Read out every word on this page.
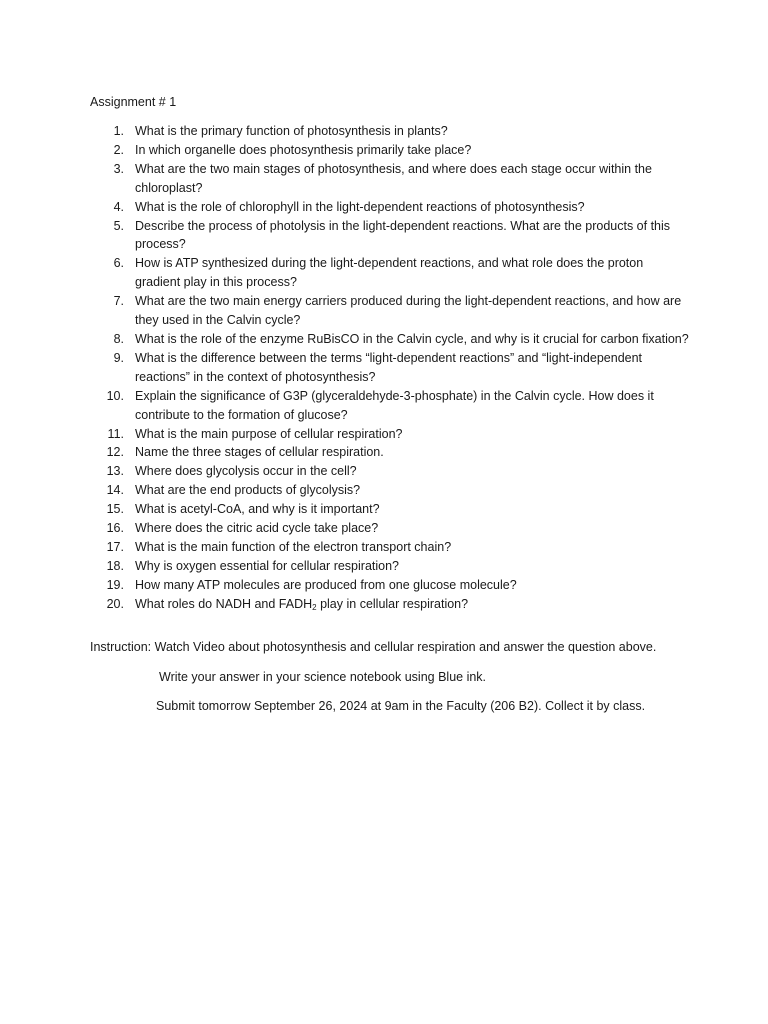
Assignment # 1

1. What is the primary function of photosynthesis in plants?
2. In which organelle does photosynthesis primarily take place?
3. What are the two main stages of photosynthesis, and where does each stage occur within the chloroplast?
4. What is the role of chlorophyll in the light-dependent reactions of photosynthesis?
5. Describe the process of photolysis in the light-dependent reactions. What are the products of this process?
6. How is ATP synthesized during the light-dependent reactions, and what role does the proton gradient play in this process?
7. What are the two main energy carriers produced during the light-dependent reactions, and how are they used in the Calvin cycle?
8. What is the role of the enzyme RuBisCO in the Calvin cycle, and why is it crucial for carbon fixation?
9. What is the difference between the terms “light-dependent reactions” and “light-independent reactions” in the context of photosynthesis?
10. Explain the significance of G3P (glyceraldehyde-3-phosphate) in the Calvin cycle. How does it contribute to the formation of glucose?
11. What is the main purpose of cellular respiration?
12. Name the three stages of cellular respiration.
13. Where does glycolysis occur in the cell?
14. What are the end products of glycolysis?
15. What is acetyl-CoA, and why is it important?
16. Where does the citric acid cycle take place?
17. What is the main function of the electron transport chain?
18. Why is oxygen essential for cellular respiration?
19. How many ATP molecules are produced from one glucose molecule?
20. What roles do NADH and $FADH_2$ play in cellular respiration?

Instruction: Watch Video about photosynthesis and cellular respiration and answer the question above.

Write your answer in your science notebook using Blue ink.

Submit tomorrow September 26, 2024 at 9am in the Faculty (206 B2). Collect it by class.
